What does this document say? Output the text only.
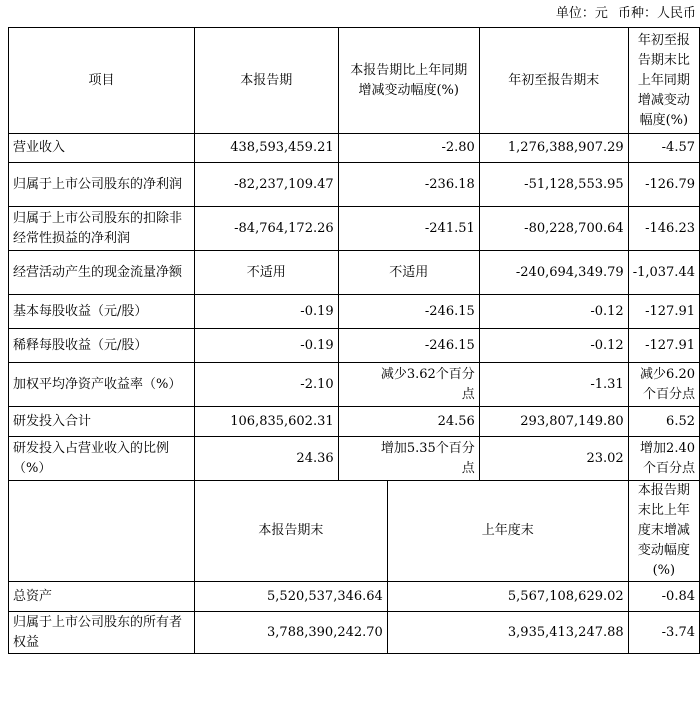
单位：元 币种：人民币
项目	本报告期	本报告期比上年同期增减变动幅度(%)		年初至报告期末	年初至报告期末比上年同期增减变动幅度(%)
营业收入	438,593,459.21	-2.80		1,276,388,907.29	-4.57
归属于上市公司股东的净利润	-82,237,109.47	-236.18		-51,128,553.95	-126.79
归属于上市公司股东的扣除非经常性损益的净利润	-84,764,172.26	-241.51		-80,228,700.64	-146.23
经营活动产生的现金流量净额	不适用	不适用		-240,694,349.79	-1,037.44
基本每股收益（元/股）	-0.19	-246.15		-0.12	-127.91
稀释每股收益（元/股）	-0.19	-246.15		-0.12	-127.91
加权平均净资产收益率（%）	-2.10	减少3.62个百分点		-1.31	减少6.20个百分点
研发投入合计	106,835,602.31	24.56		293,807,149.80	6.52
研发投入占营业收入的比例（%）	24.36	增加5.35个百分点		23.02	增加2.40个百分点
	本报告期末		上年度末		本报告期末比上年度末增减变动幅度(%)
总资产	5,520,537,346.64		5,567,108,629.02		-0.84
归属于上市公司股东的所有者权益	3,788,390,242.70		3,935,413,247.88		-3.74
